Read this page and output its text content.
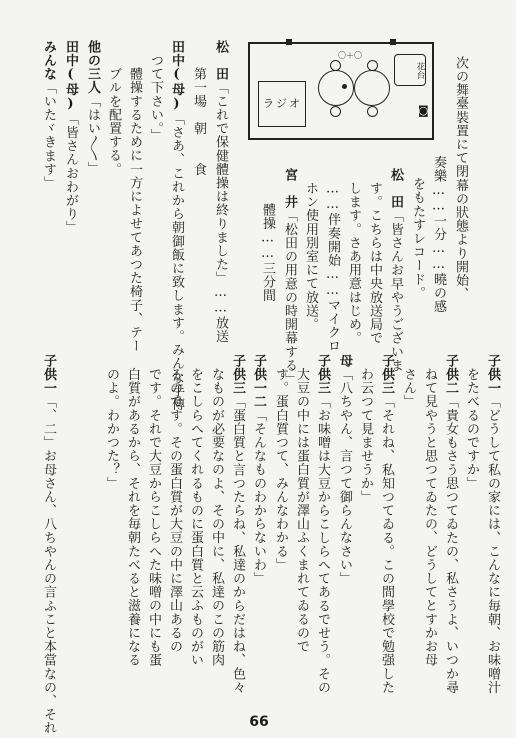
ラジオ
〇＋〇
花台
◙ 次の舞臺裝置にて閉幕の狀態より開始、
　奏樂……一分……曉の感
　　をもたすレコード。
松　田「皆さんお早やうございま
　す。こちらは中央放送局で
　します。さあ用意はじめ。
　……伴奏開始……マイクロ
　ホン使用別室にて放送。
宮　井「松田の用意の時開幕する」
　　體操……三分間
松　田「これで保健體操は終りました」……放送
　　第一場　朝　　食
田中(母)「さあ、これから朝御飯に致します。みんな手傳
　つて下さい。」
　　體操するために一方によせてあつた椅子、テー
　　ブルを配置する。
他の三人「はい〳〵」
田中(母)「皆さんおわがり」
みんな「いたヾきます」
子供一「どうして私の家には、こんなに毎朝、お味噌汁
　をたべるのですか」
子供二「貴女もさう思つてゐたの、私さうよ、いつか尋
　ねて見やうと思つてゐたの、どうしてとすかお母
　さん」
子供三「それね、私知つてゐる。この間學校で勉强した
　わ云つて見ませうか」
母「八ちやん、言つて御らんなさい」
子供三「お味噌は大豆からこしらへてあるでせう。その
　大豆の中には蛋白質が澤山ふくまれてゐるので
　す。蛋白質つて、みんなわかる」
子供一二「そんなものわからないわ」
子供三「蛋白質と言つたらね、私達のからだはね、色々
　なものが必要なのよ、その中に、私達のこの筋肉
　をこしらへてくれるものに蛋白質と云ふものがい
　るのです。その蛋白質が大豆の中に澤山あるの
　です。それで大豆からこしらへた味噌の中にも蛋
　白質があるから、それを毎朝たべると滋養になる
　のよ。わかつた？」
子供一「、二」お母さん、八ちやんの言ふこと本當なの、それ	66
